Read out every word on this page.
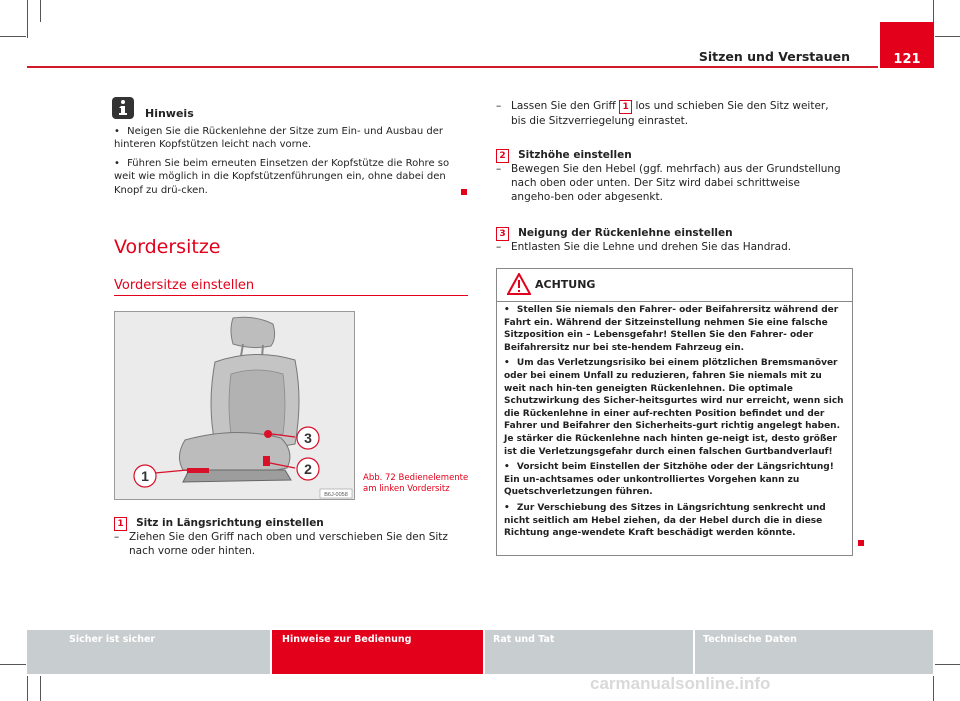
Sitzen und Verstauen	121
Hinweis
• Neigen Sie die Rückenlehne der Sitze zum Ein- und Ausbau der hinteren Kopfstützen leicht nach vorne.
• Führen Sie beim erneuten Einsetzen der Kopfstütze die Rohre so weit wie möglich in die Kopfstützenführungen ein, ohne dabei den Knopf zu drü-cken.
Vordersitze
Vordersitze einstellen
1	2
3
B6J-0058
Abb. 72 Bedienelemente
am linken Vordersitz
1 Sitz in Längsrichtung einstellen
– Ziehen Sie den Griff nach oben und verschieben Sie den Sitz nach vorne oder hinten.
– Lassen Sie den Griff 1 los und schieben Sie den Sitz weiter, bis die Sitzverriegelung einrastet.
2 Sitzhöhe einstellen
– Bewegen Sie den Hebel (ggf. mehrfach) aus der Grundstellung nach oben oder unten. Der Sitz wird dabei schrittweise angeho-ben oder abgesenkt.
3 Neigung der Rückenlehne einstellen
– Entlasten Sie die Lehne und drehen Sie das Handrad.
ACHTUNG
• Stellen Sie niemals den Fahrer- oder Beifahrersitz während der Fahrt ein. Während der Sitzeinstellung nehmen Sie eine falsche Sitzposition ein – Lebensgefahr! Stellen Sie den Fahrer- oder Beifahrersitz nur bei ste-hendem Fahrzeug ein.
• Um das Verletzungsrisiko bei einem plötzlichen Bremsmanöver oder bei einem Unfall zu reduzieren, fahren Sie niemals mit zu weit nach hin-ten geneigten Rückenlehnen. Die optimale Schutzwirkung des Sicher-heitsgurtes wird nur erreicht, wenn sich die Rückenlehne in einer auf-rechten Position befindet und der Fahrer und Beifahrer den Sicherheits-gurt richtig angelegt haben. Je stärker die Rückenlehne nach hinten ge-neigt ist, desto größer ist die Verletzungsgefahr durch einen falschen Gurtbandverlauf!
• Vorsicht beim Einstellen der Sitzhöhe oder der Längsrichtung! Ein un-achtsames oder unkontrolliertes Vorgehen kann zu Quetschverletzungen führen.
• Zur Verschiebung des Sitzes in Längsrichtung senkrecht und nicht seitlich am Hebel ziehen, da der Hebel durch die in diese Richtung ange-wendete Kraft beschädigt werden könnte.
Sicher ist sicher	Hinweise zur Bedienung	Rat und Tat	Technische Daten
carmanualsonline.info
